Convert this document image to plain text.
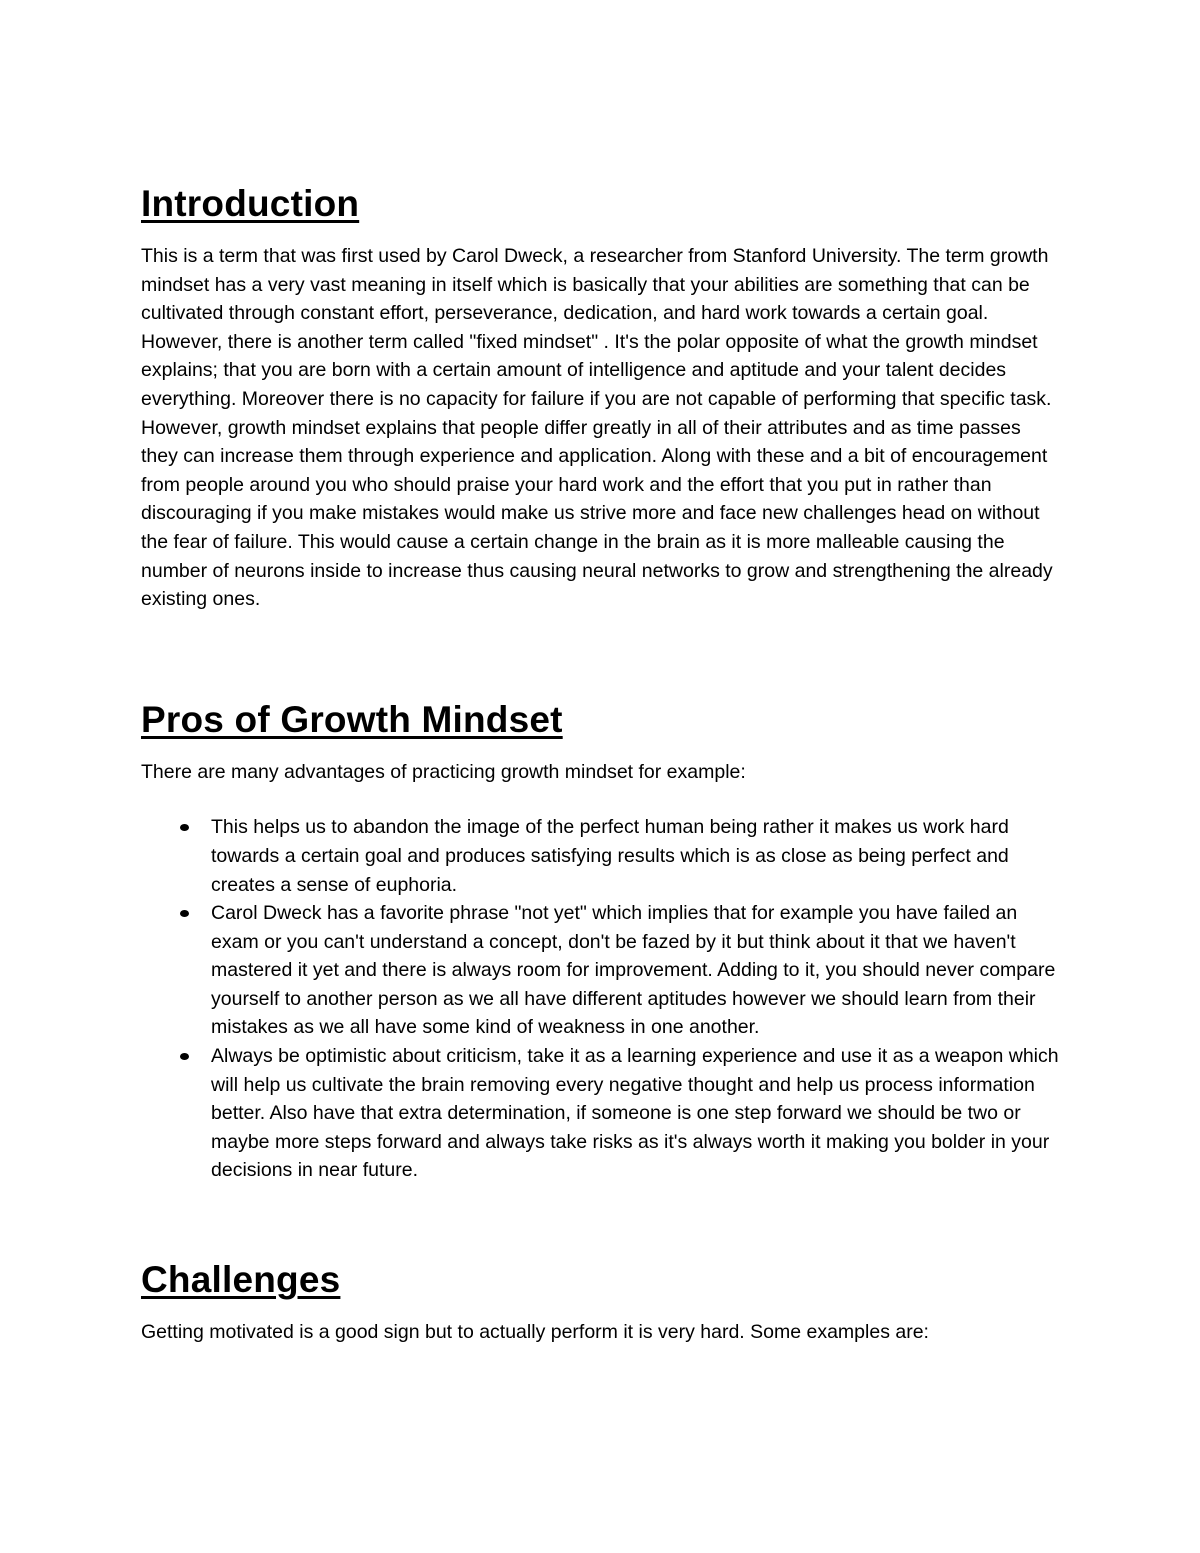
Introduction

This is a term that was first used by Carol Dweck, a researcher from Stanford University. The term growth mindset has a very vast meaning in itself which is basically that your abilities are something that can be cultivated through constant effort, perseverance, dedication, and hard work towards a certain goal. However, there is another term called "fixed mindset" . It's the polar opposite of what the growth mindset explains; that you are born with a certain amount of intelligence and aptitude and your talent decides everything. Moreover there is no capacity for failure if you are not capable of performing that specific task. However, growth mindset explains that people differ greatly in all of their attributes and as time passes they can increase them through experience and application. Along with these and a bit of encouragement from people around you who should praise your hard work and the effort that you put in rather than discouraging if you make mistakes would make us strive more and face new challenges head on without the fear of failure. This would cause a certain change in the brain as it is more malleable causing the number of neurons inside to increase thus causing neural networks to grow and strengthening the already existing ones.

Pros of Growth Mindset

There are many advantages of practicing growth mindset for example:

This helps us to abandon the image of the perfect human being rather it makes us work hard towards a certain goal and produces satisfying results which is as close as being perfect and creates a sense of euphoria.
Carol Dweck has a favorite phrase "not yet" which implies that for example you have failed an exam or you can't understand a concept, don't be fazed by it but think about it that we haven't mastered it yet and there is always room for improvement. Adding to it, you should never compare yourself to another person as we all have different aptitudes however we should learn from their mistakes as we all have some kind of weakness in one another.
Always be optimistic about criticism, take it as a learning experience and use it as a weapon which will help us cultivate the brain removing every negative thought and help us process information better. Also have that extra determination, if someone is one step forward we should be two or maybe more steps forward and always take risks as it's always worth it making you bolder in your decisions in near future.
Challenges

Getting motivated is a good sign but to actually perform it is very hard. Some examples are:
